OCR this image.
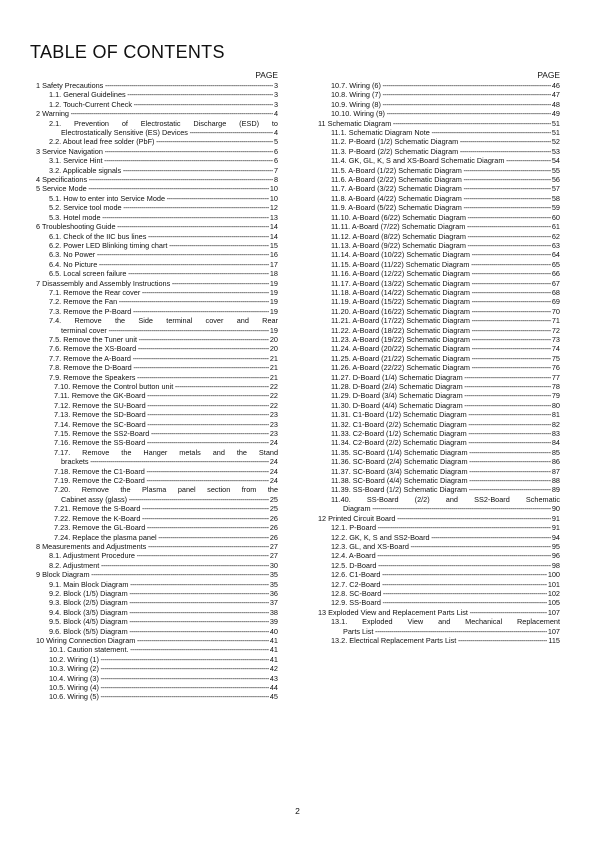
TABLE OF CONTENTS
PAGE
1 Safety Precautions -----	3
1.1. General Guidelines -----	3
1.2. Touch-Current Check -----	3
2 Warning -----	4
2.1. Prevention of Electrostatic Discharge (ESD) to
Electrostatically Sensitive (ES) Devices -----	4
2.2. About lead free solder (PbF) -----	5
3 Service Navigation -----	6
3.1. Service Hint -----	6
3.2. Applicable signals -----	7
4 Specifications -----	8
5 Service Mode -----	10
5.1. How to enter into Service Mode -----	10
5.2. Service tool mode -----	12
5.3. Hotel mode -----	13
6 Troubleshooting Guide -----	14
6.1. Check of the IIC bus lines -----	14
6.2. Power LED Blinking timing chart -----	15
6.3. No Power -----	16
6.4. No Picture -----	17
6.5. Local screen failure -----	18
7 Disassembly and Assembly Instructions -----	19
7.1. Remove the Rear cover -----	19
7.2. Remove the Fan -----	19
7.3. Remove the P-Board -----	19
7.4. Remove the Side terminal cover and Rear
terminal cover -----	19
7.5. Remove the Tuner unit -----	20
7.6. Remove the XS-Board -----	20
7.7. Remove the A-Board -----	21
7.8. Remove the D-Board -----	21
7.9. Remove the Speakers -----	21
7.10. Remove the Control button unit -----	22
7.11. Remove the GK-Board -----	22
7.12. Remove the SU-Board -----	22
7.13. Remove the SD-Board -----	23
7.14. Remove the SC-Board -----	23
7.15. Remove the SS2-Board -----	23
7.16. Remove the SS-Board -----	24
7.17. Remove the Hanger metals and the Stand
brackets -----	24
7.18. Remove the C1-Board -----	24
7.19. Remove the C2-Board -----	24
7.20. Remove the Plasma panel section from the
Cabinet assy (glass) -----	25
7.21. Remove the S-Board -----	25
7.22. Remove the K-Board -----	26
7.23. Remove the GL-Board -----	26
7.24. Replace the plasma panel -----	26
8 Measurements and Adjustments -----	27
8.1. Adjustment Procedure -----	27
8.2. Adjustment -----	30
9 Block Diagram -----	35
9.1. Main Block Diagram -----	35
9.2. Block (1/5) Diagram -----	36
9.3. Block (2/5) Diagram -----	37
9.4. Block (3/5) Diagram -----	38
9.5. Block (4/5) Diagram -----	39
9.6. Block (5/5) Diagram -----	40
10 Wiring Connection Diagram -----	41
10.1. Caution statement. -----	41
10.2. Wiring (1) -----	41
10.3. Wiring (2) -----	42
10.4. Wiring (3) -----	43
10.5. Wiring (4) -----	44
10.6. Wiring (5) -----	45
PAGE
10.7. Wiring (6) -----	46
10.8. Wiring (7) -----	47
10.9. Wiring (8) -----	48
10.10. Wiring (9) -----	49
11 Schematic Diagram -----	51
11.1. Schematic Diagram Note -----	51
11.2. P-Board (1/2) Schematic Diagram -----	52
11.3. P-Board (2/2) Schematic Diagram -----	53
11.4. GK, GL, K, S and XS-Board Schematic Diagram -----	54
11.5. A-Board (1/22) Schematic Diagram -----	55
11.6. A-Board (2/22) Schematic Diagram -----	56
11.7. A-Board (3/22) Schematic Diagram -----	57
11.8. A-Board (4/22) Schematic Diagram -----	58
11.9. A-Board (5/22) Schematic Diagram -----	59
11.10. A-Board (6/22) Schematic Diagram -----	60
11.11. A-Board (7/22) Schematic Diagram -----	61
11.12. A-Board (8/22) Schematic Diagram -----	62
11.13. A-Board (9/22) Schematic Diagram -----	63
11.14. A-Board (10/22) Schematic Diagram -----	64
11.15. A-Board (11/22) Schematic Diagram -----	65
11.16. A-Board (12/22) Schematic Diagram -----	66
11.17. A-Board (13/22) Schematic Diagram -----	67
11.18. A-Board (14/22) Schematic Diagram -----	68
11.19. A-Board (15/22) Schematic Diagram -----	69
11.20. A-Board (16/22) Schematic Diagram -----	70
11.21. A-Board (17/22) Schematic Diagram -----	71
11.22. A-Board (18/22) Schematic Diagram -----	72
11.23. A-Board (19/22) Schematic Diagram -----	73
11.24. A-Board (20/22) Schematic Diagram -----	74
11.25. A-Board (21/22) Schematic Diagram -----	75
11.26. A-Board (22/22) Schematic Diagram -----	76
11.27. D-Board (1/4) Schematic Diagram -----	77
11.28. D-Board (2/4) Schematic Diagram -----	78
11.29. D-Board (3/4) Schematic Diagram -----	79
11.30. D-Board (4/4) Schematic Diagram -----	80
11.31. C1-Board (1/2) Schematic Diagram -----	81
11.32. C1-Board (2/2) Schematic Diagram -----	82
11.33. C2-Board (1/2) Schematic Diagram -----	83
11.34. C2-Board (2/2) Schematic Diagram -----	84
11.35. SC-Board (1/4) Schematic Diagram -----	85
11.36. SC-Board (2/4) Schematic Diagram -----	86
11.37. SC-Board (3/4) Schematic Diagram -----	87
11.38. SC-Board (4/4) Schematic Diagram -----	88
11.39. SS-Board (1/2) Schematic Diagram -----	89
11.40. SS-Board (2/2) and SS2-Board Schematic
Diagram -----	90
12 Printed Circuit Board -----	91
12.1. P-Board -----	91
12.2. GK, K, S and SS2-Board -----	94
12.3. GL, and XS-Board -----	95
12.4. A-Board -----	96
12.5. D-Board -----	98
12.6. C1-Board -----	100
12.7. C2-Board -----	101
12.8. SC-Board -----	102
12.9. SS-Board -----	105
13 Exploded View and Replacement Parts List -----	107
13.1. Exploded View and Mechanical Replacement
Parts List -----	107
13.2. Electrical Replacement Parts List -----	115
2
